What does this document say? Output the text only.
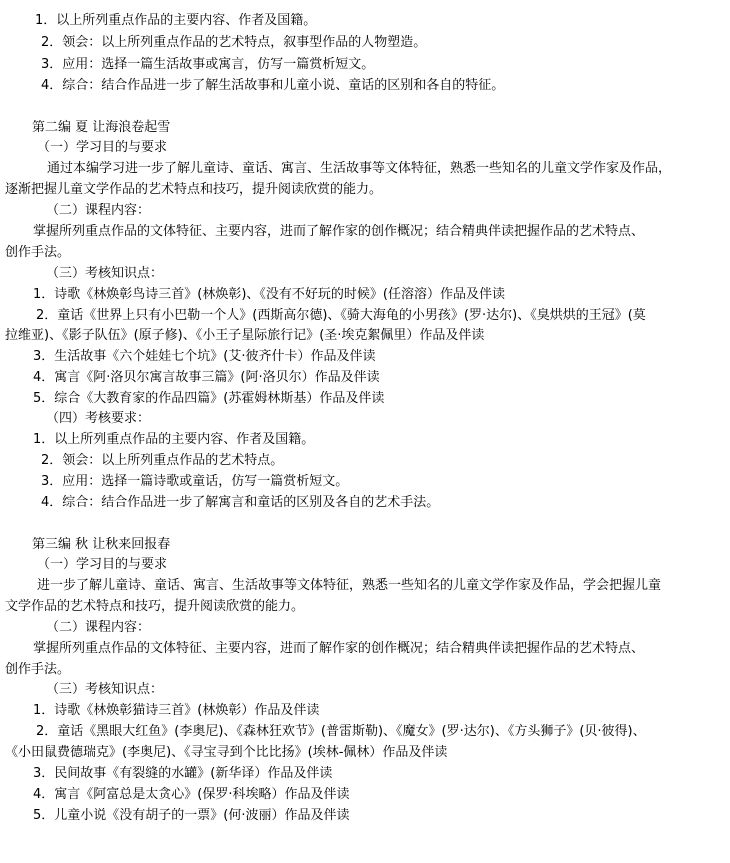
1．以上所列重点作品的主要内容、作者及国籍。
2．领会：以上所列重点作品的艺术特点，叙事型作品的人物塑造。
3．应用：选择一篇生活故事或寓言，仿写一篇赏析短文。
4．综合：结合作品进一步了解生活故事和儿童小说、童话的区别和各自的特征。
第二编 夏 让海浪卷起雪
（一）学习目的与要求
通过本编学习进一步了解儿童诗、童话、寓言、生活故事等文体特征，熟悉一些知名的儿童文学作家及作品，
逐渐把握儿童文学作品的艺术特点和技巧，提升阅读欣赏的能力。
（二）课程内容：
掌握所列重点作品的文体特征、主要内容，进而了解作家的创作概况；结合精典伴读把握作品的艺术特点、
创作手法。
（三）考核知识点：
1．诗歌《林焕彰鸟诗三首》(林焕彰)、《没有不好玩的时候》(任溶溶）作品及伴读
2．童话《世界上只有小巴勒一个人》(西斯高尔德)、《骑大海龟的小男孩》(罗·达尔)、《臭烘烘的王冠》(莫
拉维亚)、《影子队伍》(原子修)、《小王子星际旅行记》(圣·埃克絮佩里）作品及伴读
3．生活故事《六个娃娃七个坑》(艾·彼齐什卡）作品及伴读
4．寓言《阿·洛贝尔寓言故事三篇》(阿·洛贝尔）作品及伴读
5．综合《大教育家的作品四篇》(苏霍姆林斯基）作品及伴读
（四）考核要求：
1．以上所列重点作品的主要内容、作者及国籍。
2．领会：以上所列重点作品的艺术特点。
3．应用：选择一篇诗歌或童话，仿写一篇赏析短文。
4．综合：结合作品进一步了解寓言和童话的区别及各自的艺术手法。
第三编 秋 让秋来回报春
（一）学习目的与要求
进一步了解儿童诗、童话、寓言、生活故事等文体特征，熟悉一些知名的儿童文学作家及作品，学会把握儿童
文学作品的艺术特点和技巧，提升阅读欣赏的能力。
（二）课程内容：
掌握所列重点作品的文体特征、主要内容，进而了解作家的创作概况；结合精典伴读把握作品的艺术特点、
创作手法。
（三）考核知识点：
1．诗歌《林焕彰猫诗三首》(林焕彰）作品及伴读
2．童话《黑眼大红鱼》(李奥尼)、《森林狂欢节》(普雷斯勒)、《魔女》(罗·达尔)、《方头狮子》(贝·彼得)、
《小田鼠费德瑞克》(李奥尼)、《寻宝寻到个比比扬》(埃林-佩林）作品及伴读
3．民间故事《有裂缝的水罐》(新华译）作品及伴读
4．寓言《阿富总是太贪心》(保罗·科埃略）作品及伴读
5．儿童小说《没有胡子的一票》(何·波丽）作品及伴读
